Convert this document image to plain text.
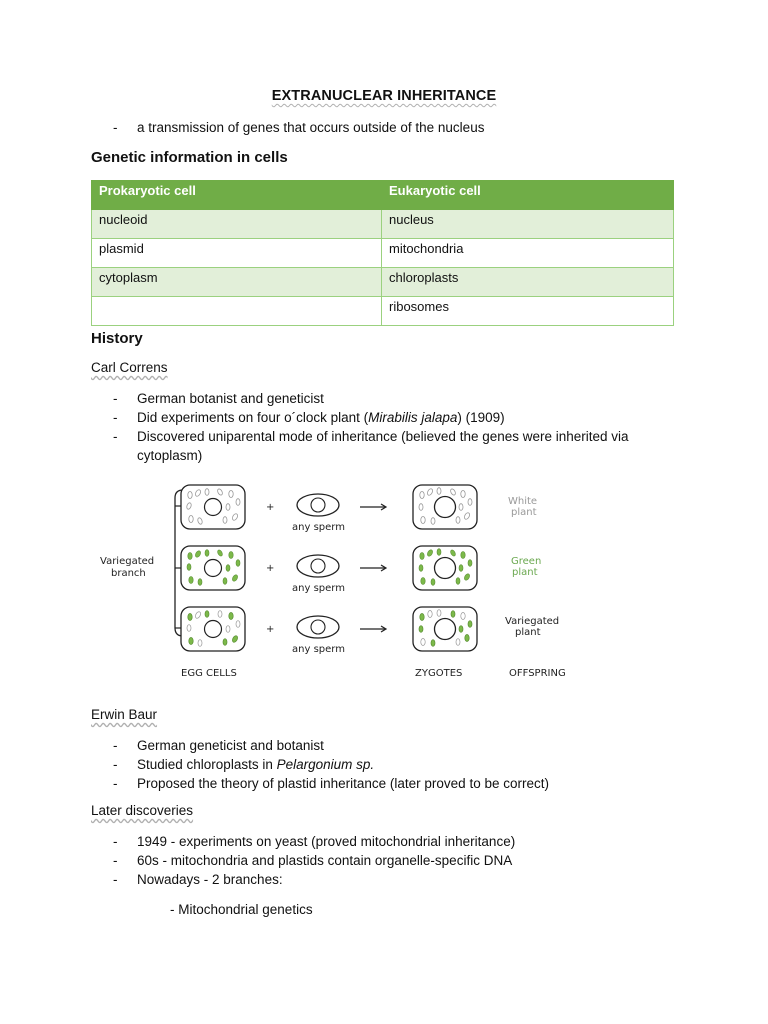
EXTRANUCLEAR INHERITANCE
- a transmission of genes that occurs outside of the nucleus
Genetic information in cells
Prokaryotic cell	Eukaryotic cell
nucleoid	nucleus
plasmid	mitochondria
cytoplasm	chloroplasts
	ribosomes
History
Carl Correns
- German botanist and geneticist
- Did experiments on four o´clock plant (Mirabilis jalapa) (1909)
- Discovered uniparental mode of inheritance (believed the genes were inherited via
cytoplasm)
Variegated
branch
+
any sperm
White
plant
+
any sperm
Green
plant
+
any sperm
Variegated
plant
EGG CELLS	ZYGOTES	OFFSPRING
Erwin Baur
- German geneticist and botanist
- Studied chloroplasts in Pelargonium sp.
- Proposed the theory of plastid inheritance (later proved to be correct)
Later discoveries
- 1949 - experiments on yeast (proved mitochondrial inheritance)
- 60s - mitochondria and plastids contain organelle-specific DNA
- Nowadays - 2 branches:
- Mitochondrial genetics
